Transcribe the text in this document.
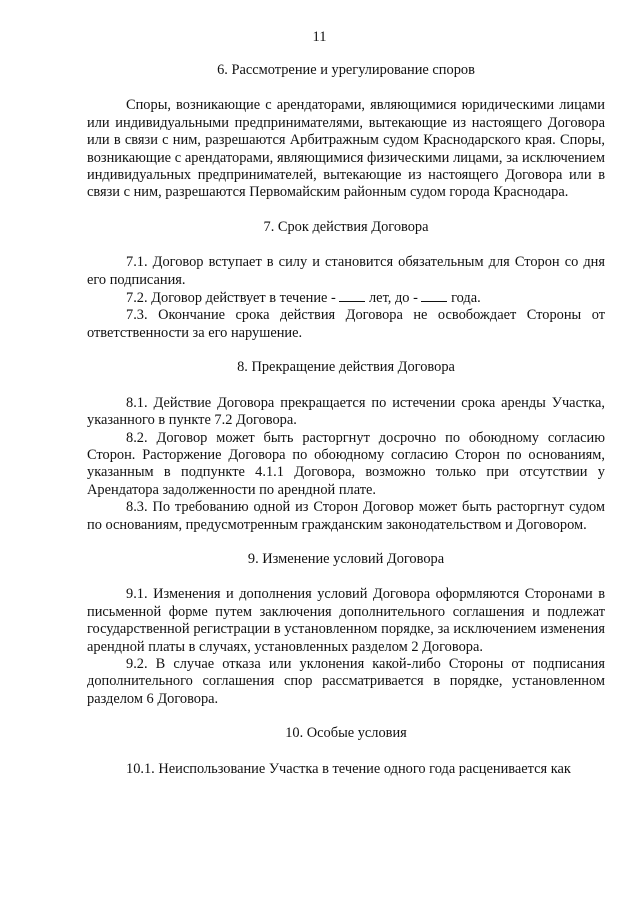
11
6. Рассмотрение и урегулирование споров

Споры, возникающие с арендаторами, являющимися юридическими лицами или индивидуальными предпринимателями, вытекающие из настоящего Договора или в связи с ним, разрешаются Арбитражным судом Краснодарского края. Споры, возникающие с арендаторами, являющимися физическими лицами, за исключением индивидуальных предпринимателей, вытекающие из настоящего Договора или в связи с ним, разрешаются Первомайским районным судом города Краснодара.

7. Срок действия Договора

7.1. Договор вступает в силу и становится обязательным для Сторон со дня его подписания.

7.2. Договор действует в течение -  лет, до -  года.

7.3. Окончание срока действия Договора не освобождает Стороны от ответственности за его нарушение.

8. Прекращение действия Договора

8.1. Действие Договора прекращается по истечении срока аренды Участка, указанного в пункте 7.2 Договора.

8.2. Договор может быть расторгнут досрочно по обоюдному согласию Сторон. Расторжение Договора по обоюдному согласию Сторон по основаниям, указанным в подпункте 4.1.1 Договора, возможно только при отсутствии у Арендатора задолженности по арендной плате.

8.3. По требованию одной из Сторон Договор может быть расторгнут судом по основаниям, предусмотренным гражданским законодательством и Договором.

9. Изменение условий Договора

9.1. Изменения и дополнения условий Договора оформляются Сторонами в письменной форме путем заключения дополнительного соглашения и подлежат государственной регистрации в установленном порядке, за исключением изменения арендной платы в случаях, установленных разделом 2 Договора.

9.2. В случае отказа или уклонения какой-либо Стороны от подписания дополнительного соглашения спор рассматривается в порядке, установленном разделом 6 Договора.

10. Особые условия

10.1. Неиспользование Участка в течение одного года расценивается как
